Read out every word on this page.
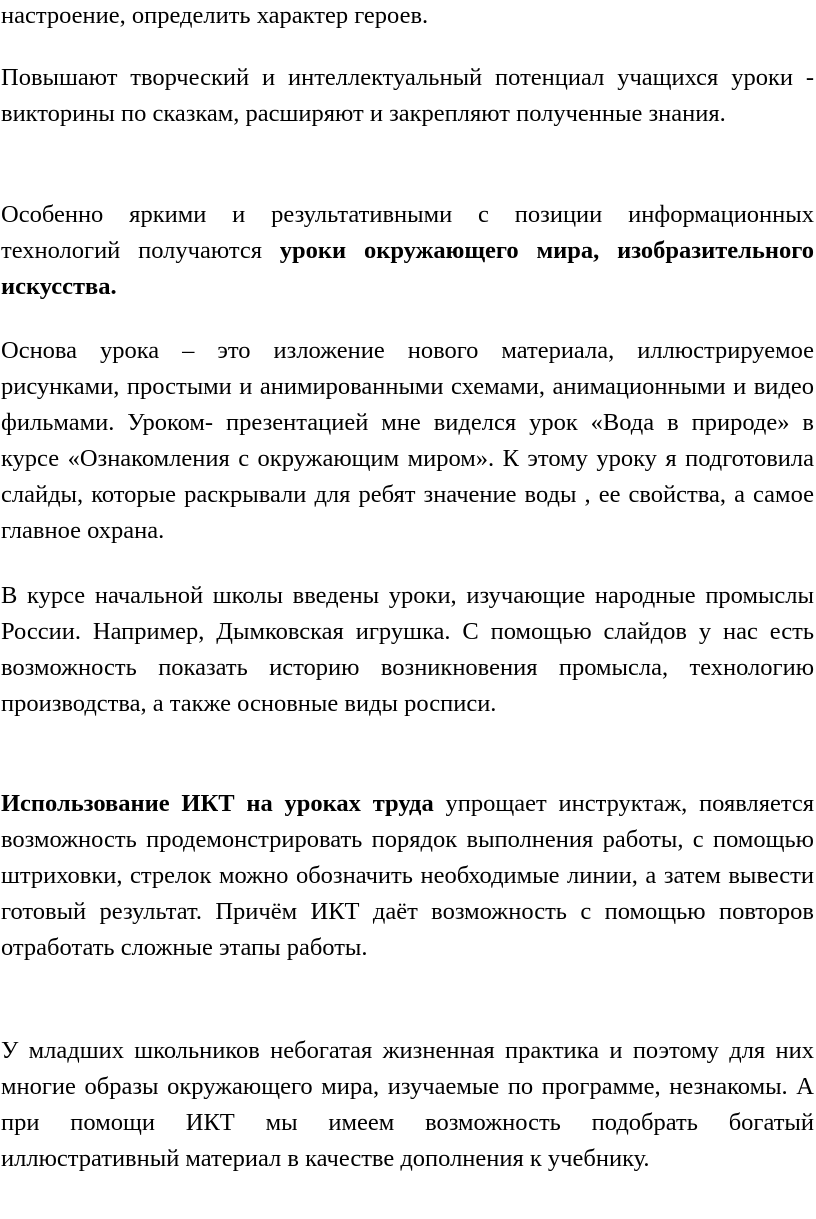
настроение, определить характер героев.

Повышают творческий и интеллектуальный потенциал учащихся уроки - викторины по сказкам, расширяют и закрепляют полученные знания.

Особенно яркими и результативными с позиции информационных технологий получаются уроки окружающего мира, изобразительного искусства.

Основа урока – это изложение нового материала, иллюстрируемое рисунками, простыми и анимированными схемами, анимационными и видео фильмами. Уроком- презентацией мне виделся урок «Вода в природе» в курсе «Ознакомления с окружающим миром». К этому уроку я подготовила слайды, которые раскрывали для ребят значение воды , ее свойства, а самое главное охрана.

В курсе начальной школы введены уроки, изучающие народные промыслы России. Например, Дымковская игрушка. С помощью слайдов у нас есть возможность показать историю возникновения промысла, технологию производства, а также основные виды росписи.

Использование ИКТ на уроках труда упрощает инструктаж, появляется возможность продемонстрировать порядок выполнения работы, с помощью штриховки, стрелок можно обозначить необходимые линии, а затем вывести готовый результат. Причём ИКТ даёт возможность с помощью повторов отработать сложные этапы работы.

У младших школьников небогатая жизненная практика и поэтому для них многие образы окружающего мира, изучаемые по программе, незнакомы. А при помощи ИКТ мы имеем возможность подобрать богатый иллюстративный материал в качестве дополнения к учебнику.
